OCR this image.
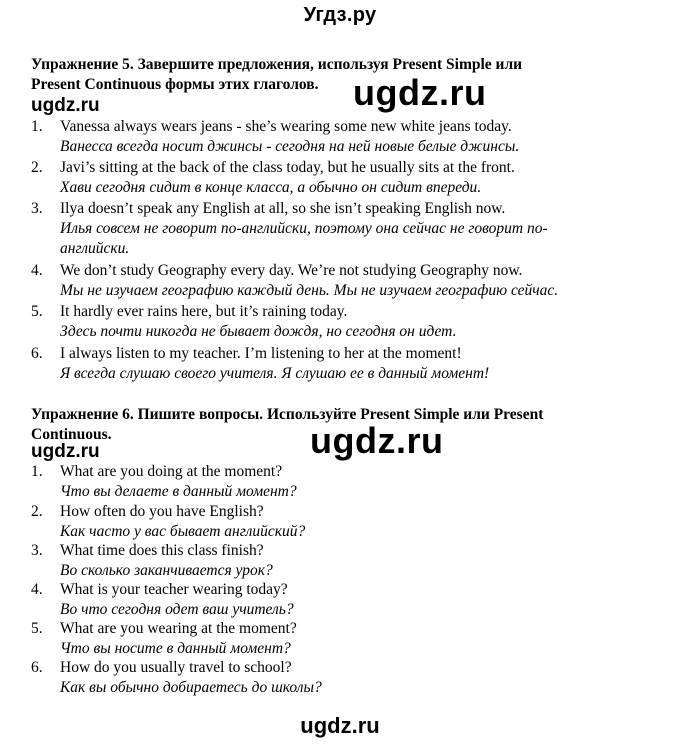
Угдз.ру
Упражнение 5. Завершите предложения, используя Present Simple или
Present Continuous формы этих глаголов. ugdz.ru
ugdz.ru
1. Vanessa always wears jeans - she’s wearing some new white jeans today.
Ванесса всегда носит джинсы - сегодня на ней новые белые джинсы.
2. Javi’s sitting at the back of the class today, but he usually sits at the front.
Хави сегодня сидит в конце класса, а обычно он сидит впереди.
3. Ilya doesn’t speak any English at all, so she isn’t speaking English now.
Илья совсем не говорит по-английски, поэтому она сейчас не говорит по-
английски.
4. We don’t study Geography every day. We’re not studying Geography now.
Мы не изучаем географию каждый день. Мы не изучаем географию сейчас.
5. It hardly ever rains here, but it’s raining today.
Здесь почти никогда не бывает дождя, но сегодня он идет.
6. I always listen to my teacher. I’m listening to her at the moment!
Я всегда слушаю своего учителя. Я слушаю ее в данный момент!
Упражнение 6. Пишите вопросы. Используйте Present Simple или Present
Continuous.	ugdz.ru
ugdz.ru
1. What are you doing at the moment?
Что вы делаете в данный момент?
2. How often do you have English?
Как часто у вас бывает английский?
3. What time does this class finish?
Во сколько заканчивается урок?
4. What is your teacher wearing today?
Во что сегодня одет ваш учитель?
5. What are you wearing at the moment?
Что вы носите в данный момент?
6. How do you usually travel to school?
Как вы обычно добираетесь до школы?
ugdz.ru
